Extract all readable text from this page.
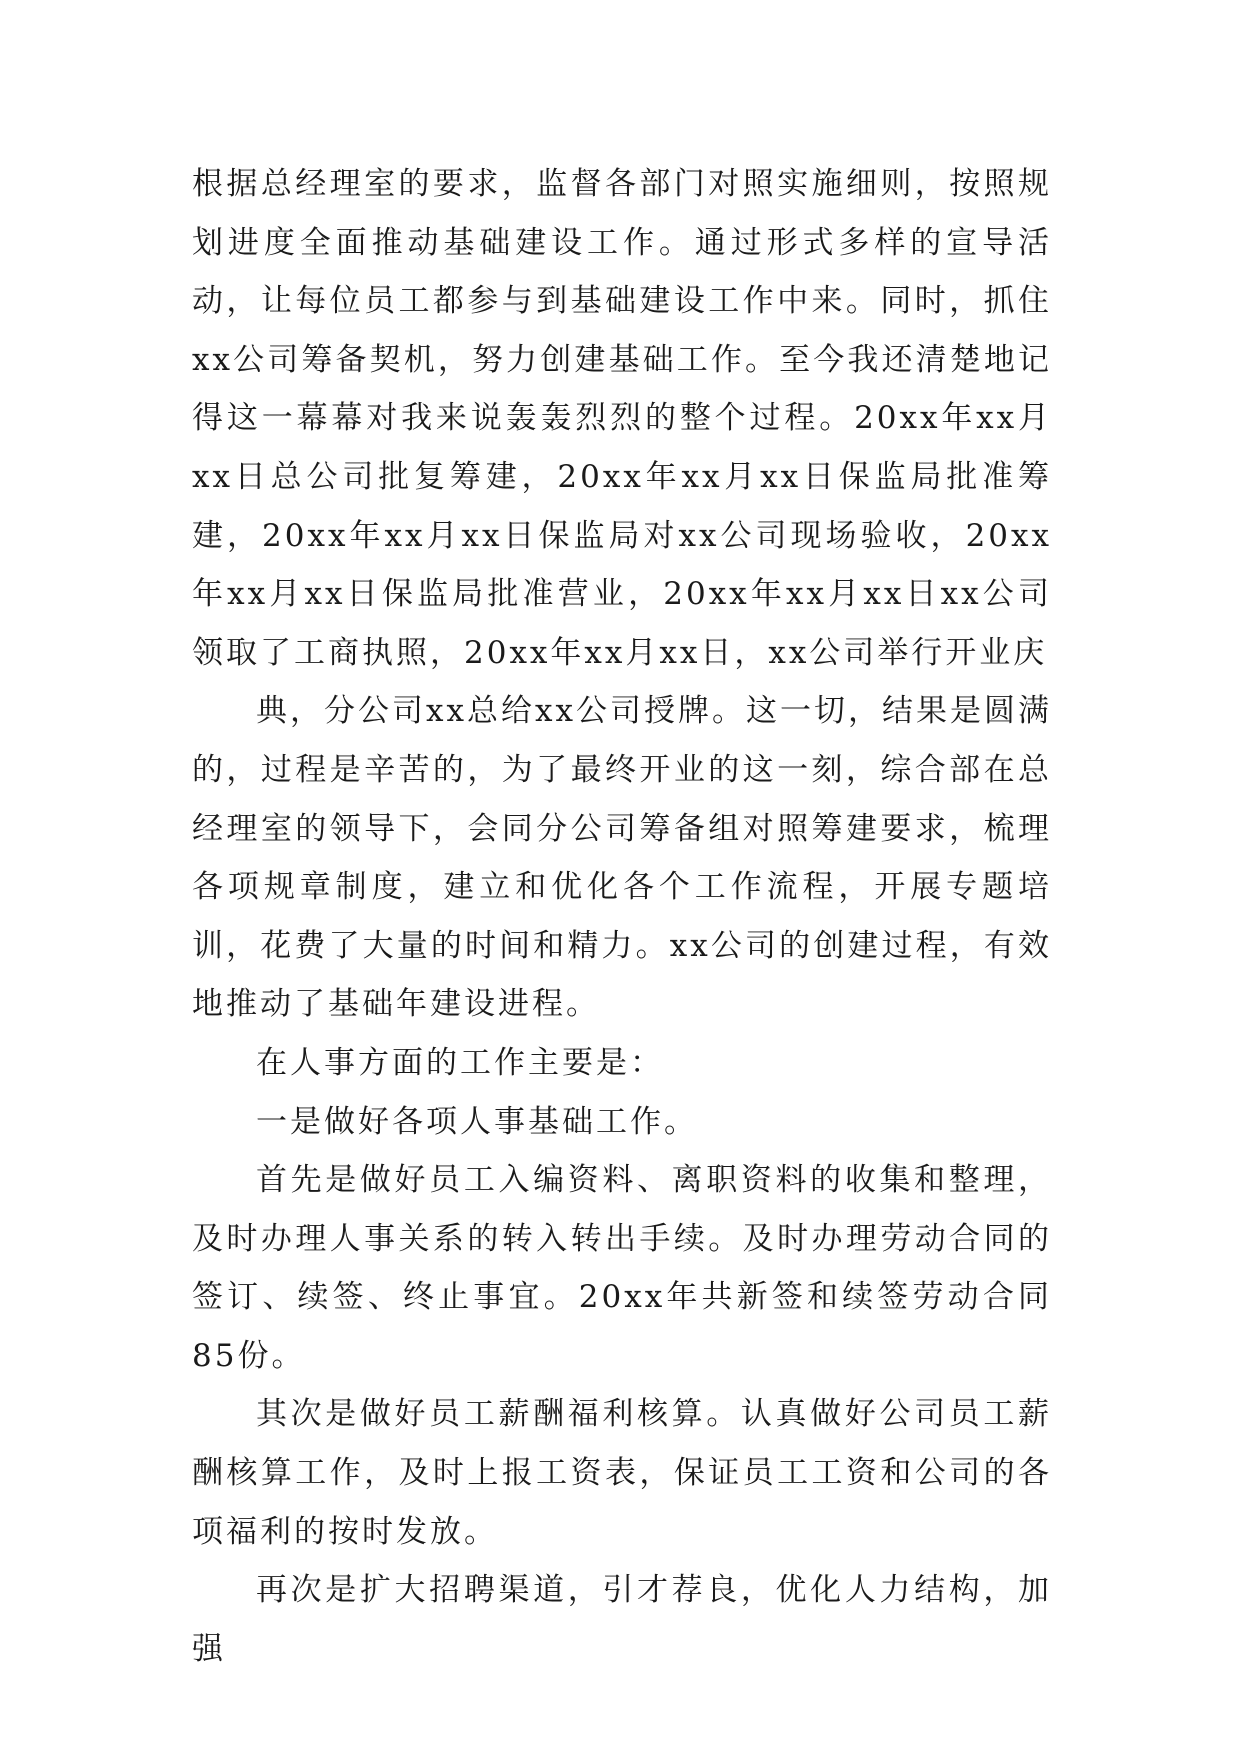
根据总经理室的要求，监督各部门对照实施细则，按照规划进度全面推动基础建设工作。通过形式多样的宣导活动，让每位员工都参与到基础建设工作中来。同时，抓住xx公司筹备契机，努力创建基础工作。至今我还清楚地记得这一幕幕对我来说轰轰烈烈的整个过程。20xx年xx月xx日总公司批复筹建，20xx年xx月xx日保监局批准筹建，20xx年xx月xx日保监局对xx公司现场验收，20xx年xx月xx日保监局批准营业，20xx年xx月xx日xx公司领取了工商执照，20xx年xx月xx日，xx公司举行开业庆

典，分公司xx总给xx公司授牌。这一切，结果是圆满的，过程是辛苦的，为了最终开业的这一刻，综合部在总经理室的领导下，会同分公司筹备组对照筹建要求，梳理各项规章制度，建立和优化各个工作流程，开展专题培训，花费了大量的时间和精力。xx公司的创建过程，有效地推动了基础年建设进程。

在人事方面的工作主要是：

一是做好各项人事基础工作。

首先是做好员工入编资料、离职资料的收集和整理，及时办理人事关系的转入转出手续。及时办理劳动合同的签订、续签、终止事宜。20xx年共新签和续签劳动合同85份。

其次是做好员工薪酬福利核算。认真做好公司员工薪酬核算工作，及时上报工资表，保证员工工资和公司的各项福利的按时发放。

再次是扩大招聘渠道，引才荐良，优化人力结构，加强
